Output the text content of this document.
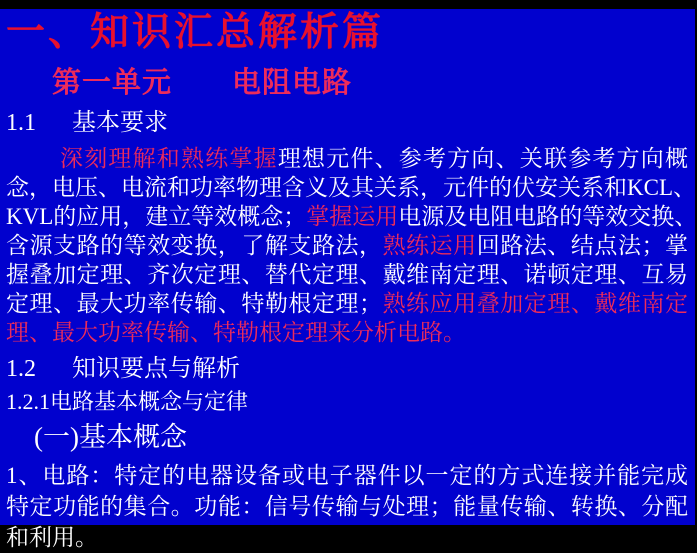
一、知识汇总解析篇
第一单元　　电阻电路
1.1 基本要求
深刻理解和熟练掌握理想元件、参考方向、关联参考方向概
念，电压、电流和功率物理含义及其关系，元件的伏安关系和KCL、
KVL的应用，建立等效概念；掌握运用电源及电阻电路的等效交换、
含源支路的等效变换，了解支路法，熟练运用回路法、结点法；掌
握叠加定理、齐次定理、替代定理、戴维南定理、诺顿定理、互易
定理、最大功率传输、特勒根定理；熟练应用叠加定理、戴维南定
理、最大功率传输、特勒根定理来分析电路。
1.2 知识要点与解析
1.2.1电路基本概念与定律
(一)基本概念
1、电路：特定的电器设备或电子器件以一定的方式连接并能完成
特定功能的集合。功能：信号传输与处理；能量传输、转换、分配
和利用。
